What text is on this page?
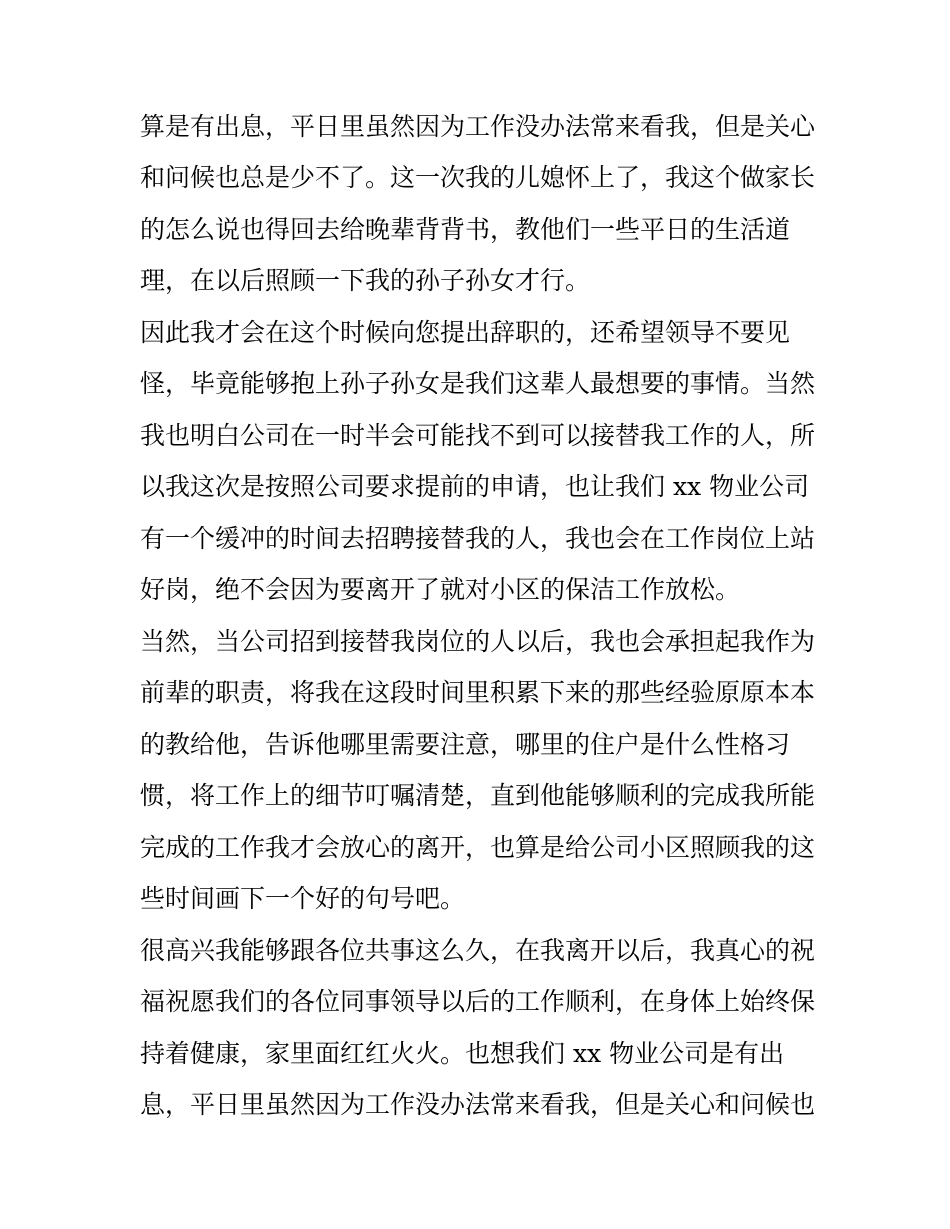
算是有出息，平日里虽然因为工作没办法常来看我，但是关心
和问候也总是少不了。这一次我的儿媳怀上了，我这个做家长
的怎么说也得回去给晚辈背背书，教他们一些平日的生活道
理，在以后照顾一下我的孙子孙女才行。
因此我才会在这个时候向您提出辞职的，还希望领导不要见
怪，毕竟能够抱上孙子孙女是我们这辈人最想要的事情。当然
我也明白公司在一时半会可能找不到可以接替我工作的人，所
以我这次是按照公司要求提前的申请，也让我们 xx 物业公司
有一个缓冲的时间去招聘接替我的人，我也会在工作岗位上站
好岗，绝不会因为要离开了就对小区的保洁工作放松。
当然，当公司招到接替我岗位的人以后，我也会承担起我作为
前辈的职责，将我在这段时间里积累下来的那些经验原原本本
的教给他，告诉他哪里需要注意，哪里的住户是什么性格习
惯，将工作上的细节叮嘱清楚，直到他能够顺利的完成我所能
完成的工作我才会放心的离开，也算是给公司小区照顾我的这
些时间画下一个好的句号吧。
很高兴我能够跟各位共事这么久，在我离开以后，我真心的祝
福祝愿我们的各位同事领导以后的工作顺利，在身体上始终保
持着健康，家里面红红火火。也想我们 xx 物业公司是有出
息，平日里虽然因为工作没办法常来看我，但是关心和问候也
